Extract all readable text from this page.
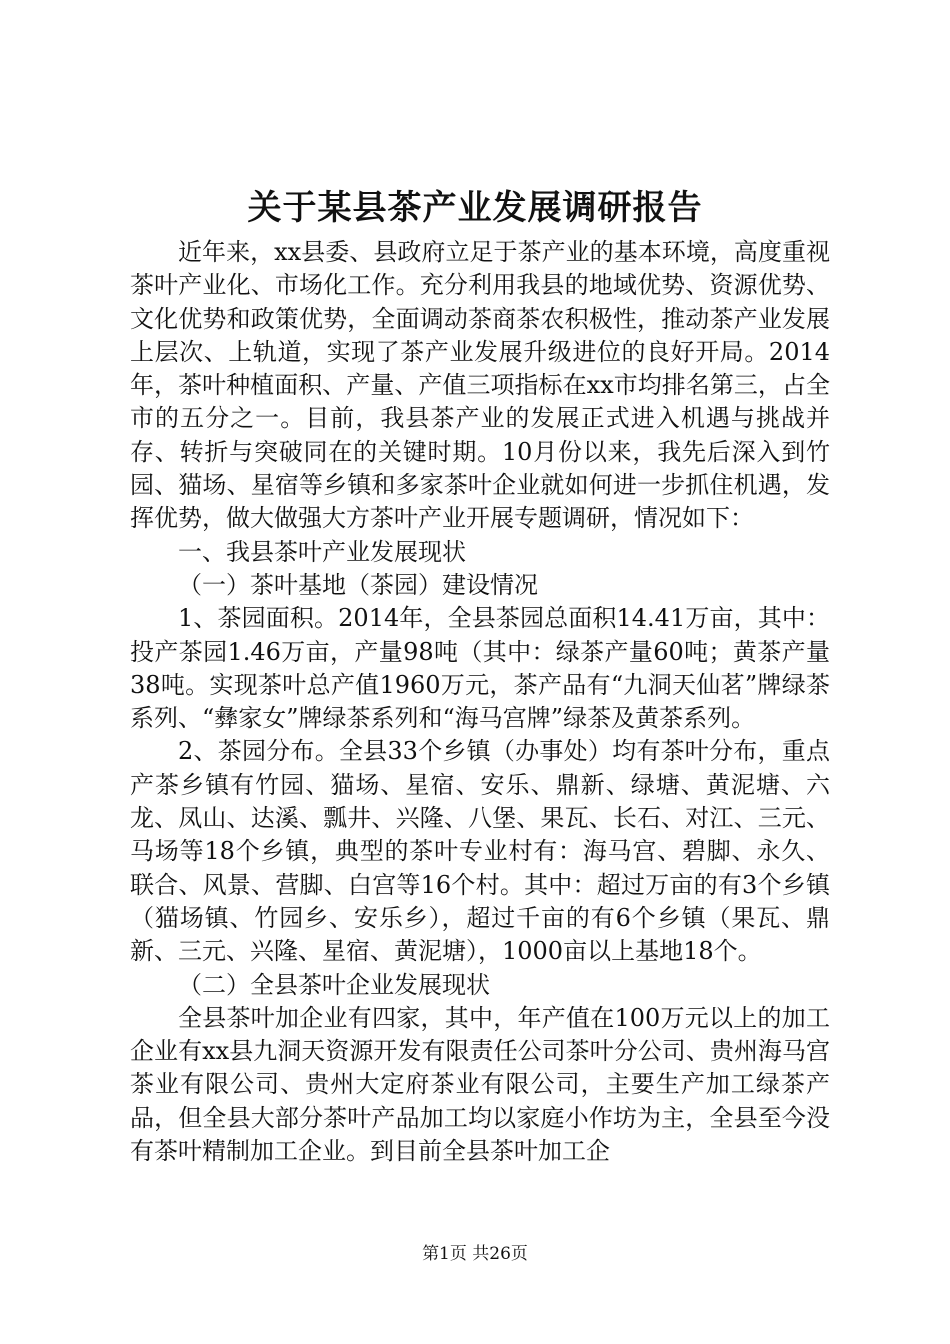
关于某县茶产业发展调研报告

近年来，xx县委、县政府立足于茶产业的基本环境，高度重视茶叶产业化、市场化工作。充分利用我县的地域优势、资源优势、文化优势和政策优势，全面调动茶商茶农积极性，推动茶产业发展上层次、上轨道，实现了茶产业发展升级进位的良好开局。2014年，茶叶种植面积、产量、产值三项指标在xx市均排名第三，占全市的五分之一。目前，我县茶产业的发展正式进入机遇与挑战并存、转折与突破同在的关键时期。10月份以来，我先后深入到竹园、猫场、星宿等乡镇和多家茶叶企业就如何进一步抓住机遇，发挥优势，做大做强大方茶叶产业开展专题调研，情况如下：

一、我县茶叶产业发展现状

（一）茶叶基地（茶园）建设情况

1、茶园面积。2014年，全县茶园总面积14.41万亩，其中：投产茶园1.46万亩，产量98吨（其中：绿茶产量60吨；黄茶产量38吨。实现茶叶总产值1960万元，茶产品有“九洞天仙茗”牌绿茶系列、“彝家女”牌绿茶系列和“海马宫牌”绿茶及黄茶系列。

2、茶园分布。全县33个乡镇（办事处）均有茶叶分布，重点产茶乡镇有竹园、猫场、星宿、安乐、鼎新、绿塘、黄泥塘、六龙、凤山、达溪、瓢井、兴隆、八堡、果瓦、长石、对江、三元、马场等18个乡镇，典型的茶叶专业村有：海马宫、碧脚、永久、联合、风景、营脚、白宫等16个村。其中：超过万亩的有3个乡镇（猫场镇、竹园乡、安乐乡），超过千亩的有6个乡镇（果瓦、鼎新、三元、兴隆、星宿、黄泥塘），1000亩以上基地18个。

（二）全县茶叶企业发展现状

全县茶叶加企业有四家，其中，年产值在100万元以上的加工企业有xx县九洞天资源开发有限责任公司茶叶分公司、贵州海马宫茶业有限公司、贵州大定府茶业有限公司，主要生产加工绿茶产品，但全县大部分茶叶产品加工均以家庭小作坊为主，全县至今没有茶叶精制加工企业。到目前全县茶叶加工企

第1页 共26页
